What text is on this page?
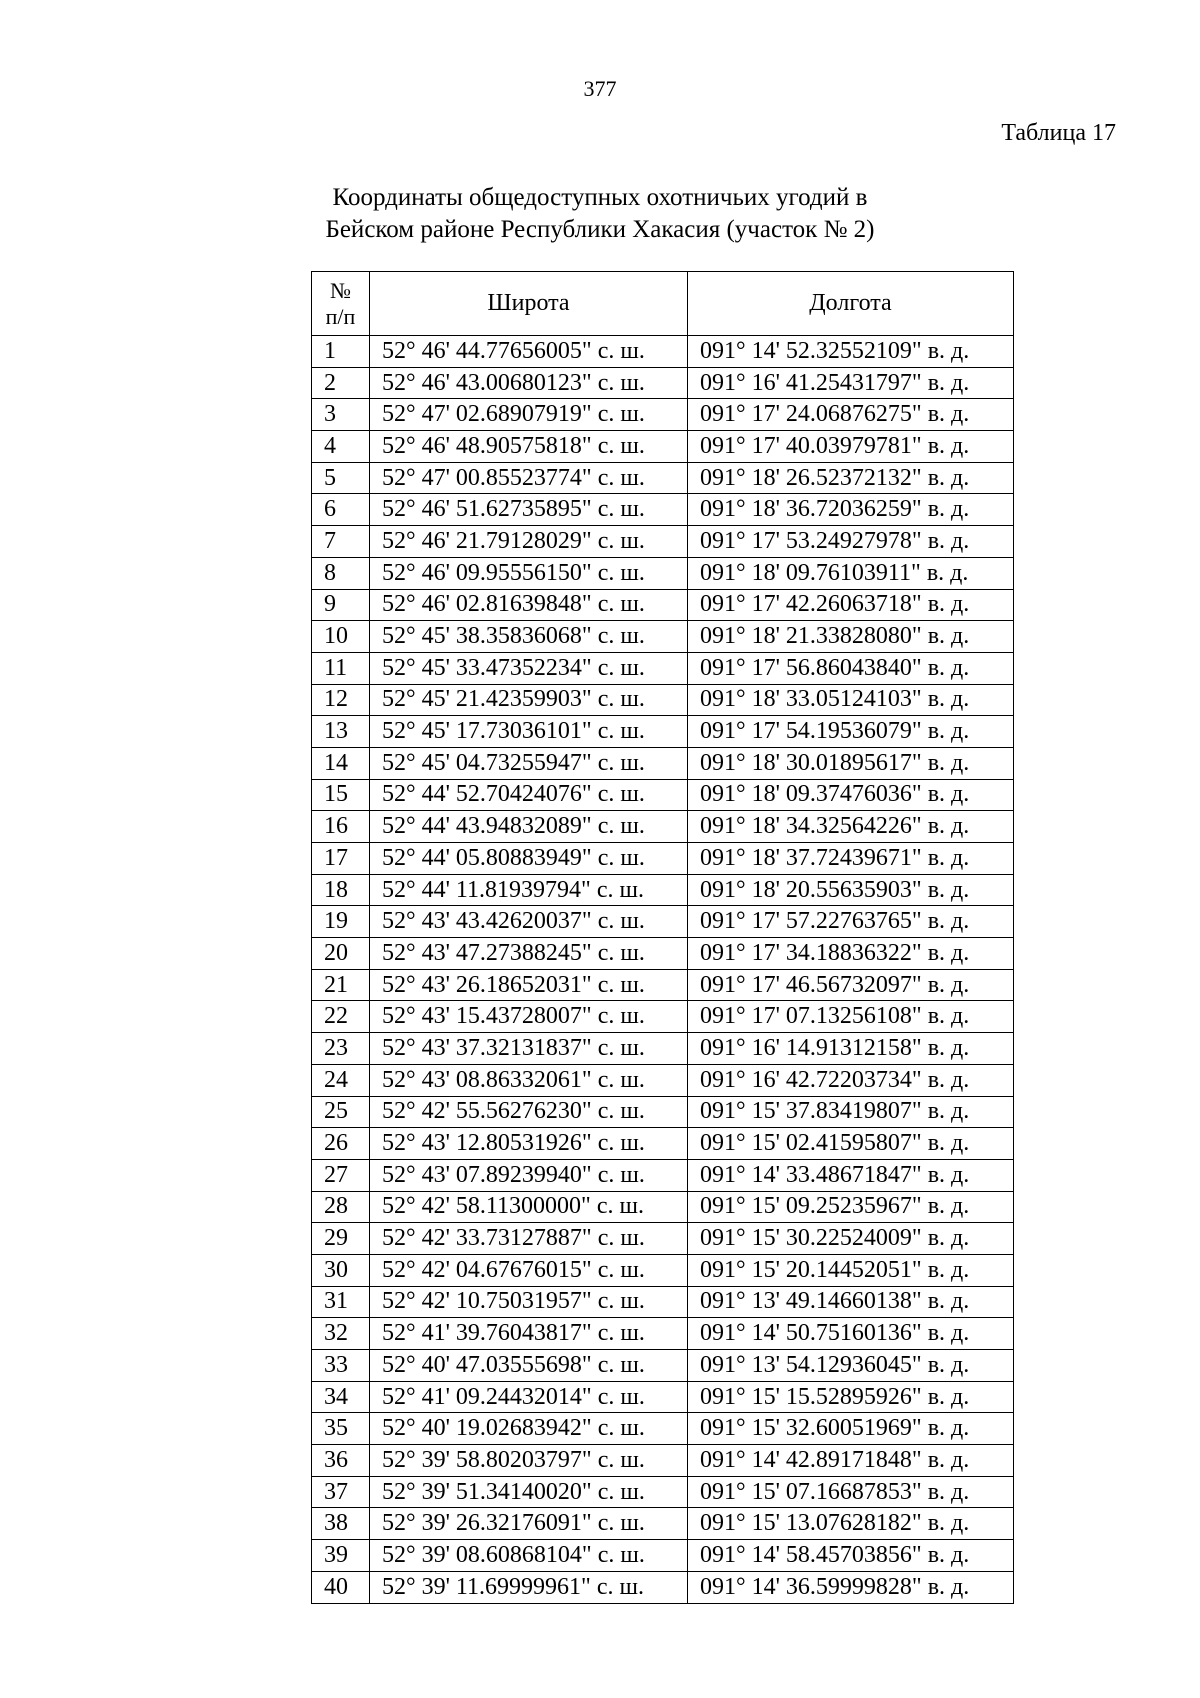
377
Таблица 17
Координаты общедоступных охотничьих угодий в
Бейском районе Республики Хакасия (участок № 2)
№
п/п	Широта	Долгота
1	52° 46' 44.77656005" с. ш.	091° 14' 52.32552109" в. д.
2	52° 46' 43.00680123" с. ш.	091° 16' 41.25431797" в. д.
3	52° 47' 02.68907919" с. ш.	091° 17' 24.06876275" в. д.
4	52° 46' 48.90575818" с. ш.	091° 17' 40.03979781" в. д.
5	52° 47' 00.85523774" с. ш.	091° 18' 26.52372132" в. д.
6	52° 46' 51.62735895" с. ш.	091° 18' 36.72036259" в. д.
7	52° 46' 21.79128029" с. ш.	091° 17' 53.24927978" в. д.
8	52° 46' 09.95556150" с. ш.	091° 18' 09.76103911" в. д.
9	52° 46' 02.81639848" с. ш.	091° 17' 42.26063718" в. д.
10	52° 45' 38.35836068" с. ш.	091° 18' 21.33828080" в. д.
11	52° 45' 33.47352234" с. ш.	091° 17' 56.86043840" в. д.
12	52° 45' 21.42359903" с. ш.	091° 18' 33.05124103" в. д.
13	52° 45' 17.73036101" с. ш.	091° 17' 54.19536079" в. д.
14	52° 45' 04.73255947" с. ш.	091° 18' 30.01895617" в. д.
15	52° 44' 52.70424076" с. ш.	091° 18' 09.37476036" в. д.
16	52° 44' 43.94832089" с. ш.	091° 18' 34.32564226" в. д.
17	52° 44' 05.80883949" с. ш.	091° 18' 37.72439671" в. д.
18	52° 44' 11.81939794" с. ш.	091° 18' 20.55635903" в. д.
19	52° 43' 43.42620037" с. ш.	091° 17' 57.22763765" в. д.
20	52° 43' 47.27388245" с. ш.	091° 17' 34.18836322" в. д.
21	52° 43' 26.18652031" с. ш.	091° 17' 46.56732097" в. д.
22	52° 43' 15.43728007" с. ш.	091° 17' 07.13256108" в. д.
23	52° 43' 37.32131837" с. ш.	091° 16' 14.91312158" в. д.
24	52° 43' 08.86332061" с. ш.	091° 16' 42.72203734" в. д.
25	52° 42' 55.56276230" с. ш.	091° 15' 37.83419807" в. д.
26	52° 43' 12.80531926" с. ш.	091° 15' 02.41595807" в. д.
27	52° 43' 07.89239940" с. ш.	091° 14' 33.48671847" в. д.
28	52° 42' 58.11300000" с. ш.	091° 15' 09.25235967" в. д.
29	52° 42' 33.73127887" с. ш.	091° 15' 30.22524009" в. д.
30	52° 42' 04.67676015" с. ш.	091° 15' 20.14452051" в. д.
31	52° 42' 10.75031957" с. ш.	091° 13' 49.14660138" в. д.
32	52° 41' 39.76043817" с. ш.	091° 14' 50.75160136" в. д.
33	52° 40' 47.03555698" с. ш.	091° 13' 54.12936045" в. д.
34	52° 41' 09.24432014" с. ш.	091° 15' 15.52895926" в. д.
35	52° 40' 19.02683942" с. ш.	091° 15' 32.60051969" в. д.
36	52° 39' 58.80203797" с. ш.	091° 14' 42.89171848" в. д.
37	52° 39' 51.34140020" с. ш.	091° 15' 07.16687853" в. д.
38	52° 39' 26.32176091" с. ш.	091° 15' 13.07628182" в. д.
39	52° 39' 08.60868104" с. ш.	091° 14' 58.45703856" в. д.
40	52° 39' 11.69999961" с. ш.	091° 14' 36.59999828" в. д.
